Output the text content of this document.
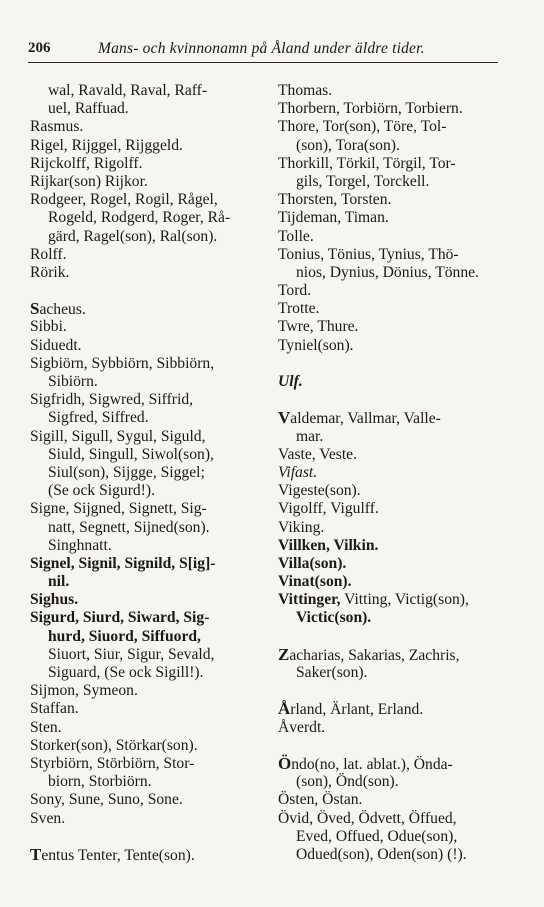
206	Mans- och kvinnonamn på Åland under äldre tider.
wal, Ravald, Raval, Raff-
uel, Raffuad.
Rasmus.
Rigel, Rijggel, Rijggeld.
Rijckolff, Rigolff.
Rijkar(son) Rijkor.
Rodgeer, Rogel, Rogil, Rågel,
Rogeld, Rodgerd, Roger, Rå-
gärd, Ragel(son), Ral(son).
Rolff.
Rörik.
Sacheus.
Sibbi.
Siduedt.
Sigbiörn, Sybbiörn, Sibbiörn,
Sibiörn.
Sigfridh, Sigwred, Siffrid,
Sigfred, Siffred.
Sigill, Sigull, Sygul, Siguld,
Siuld, Singull, Siwol(son),
Siul(son), Sijgge, Siggel;
(Se ock Sigurd!).
Signe, Sijgned, Signett, Sig-
natt, Segnett, Sijned(son).
Singhnatt.
Signel, Signil, Signild, S[ig]-
nil.
Sighus.
Sigurd, Siurd, Siward, Sig-
hurd, Siuord, Siffuord,
Siuort, Siur, Sigur, Sevald,
Siguard, (Se ock Sigill!).
Sijmon, Symeon.
Staffan.
Sten.
Storker(son), Störkar(son).
Styrbiörn, Störbiörn, Stor-
biorn, Storbiörn.
Sony, Sune, Suno, Sone.
Sven.
Tentus Tenter, Tente(son).
Thomas.
Thorbern, Torbiörn, Torbiern.
Thore, Tor(son), Töre, Tol-
(son), Tora(son).
Thorkill, Törkil, Törgil, Tor-
gils, Torgel, Torckell.
Thorsten, Torsten.
Tijdeman, Timan.
Tolle.
Tonius, Tönius, Tynius, Thö-
nios, Dynius, Dönius, Tönne.
Tord.
Trotte.
Twre, Thure.
Tyniel(son).
Ulf.
Valdemar, Vallmar, Valle-
mar.
Vaste, Veste.
Vifast.
Vigeste(son).
Vigolff, Vigulff.
Viking.
Villken, Vilkin.
Villa(son).
Vinat(son).
Vittinger, Vitting, Victig(son),
Victic(son).
Zacharias, Sakarias, Zachris,
Saker(son).
Årland, Ärlant, Erland.
Åverdt.
Öndo(no, lat. ablat.), Önda-
(son), Önd(son).
Östen, Östan.
Övid, Öved, Ödvett, Öffued,
Eved, Offued, Odue(son),
Odued(son), Oden(son) (!).
